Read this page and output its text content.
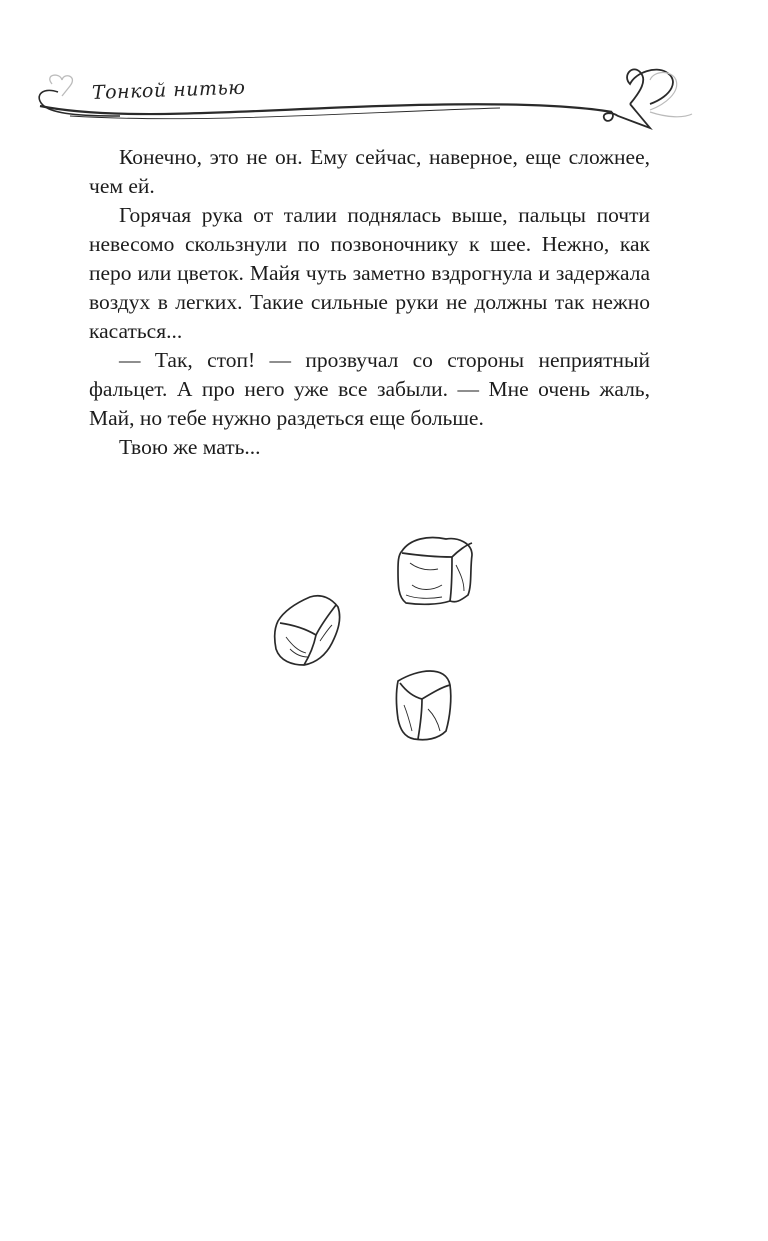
Тонкой нитью

Конечно, это не он. Ему сейчас, наверное, еще сложнее, чем ей.

Горячая рука от талии поднялась выше, пальцы почти невесомо скользнули по позвоночнику к шее. Нежно, как перо или цветок. Майя чуть заметно вздрогнула и задержала воздух в легких. Такие сильные руки не должны так нежно касаться...

— Так, стоп! — прозвучал со стороны неприятный фальцет. А про него уже все забыли. — Мне очень жаль, Май, но тебе нужно раздеться еще больше.

Твою же мать...
